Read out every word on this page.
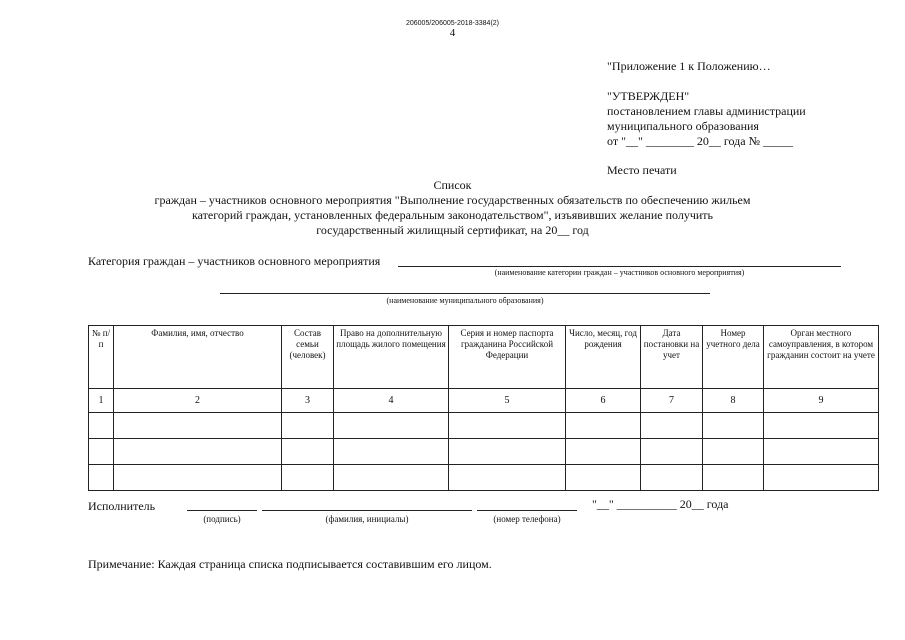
206005/206005-2018-3384(2)
4
"Приложение 1 к Положению…
"УТВЕРЖДЕН"
постановлением главы администрации
муниципального образования
от "__" ________ 20__ года № _____
Место печати
Список
граждан – участников основного мероприятия "Выполнение государственных обязательств по обеспечению жильем
категорий граждан, установленных федеральным законодательством", изъявивших желание получить
государственный жилищный сертификат, на 20__ год
Категория граждан – участников основного мероприятия
(наименование категории граждан – участников основного мероприятия)
(наименование муниципального образования)
№ п/п	Фамилия, имя, отчество	Состав семьи (человек)	Право на дополнительную площадь жилого помещения	Серия и номер паспорта гражданина Российской Федерации	Число, месяц, год рождения	Дата постановки на учет	Номер учетного дела	Орган местного самоуправления, в котором гражданин состоит на учете
1	2	3	4	5	6	7	8	9

Исполнитель	"__" __________ 20__ года
(подпись)	(фамилия, инициалы)	(номер телефона)
Примечание: Каждая страница списка подписывается составившим его лицом.
